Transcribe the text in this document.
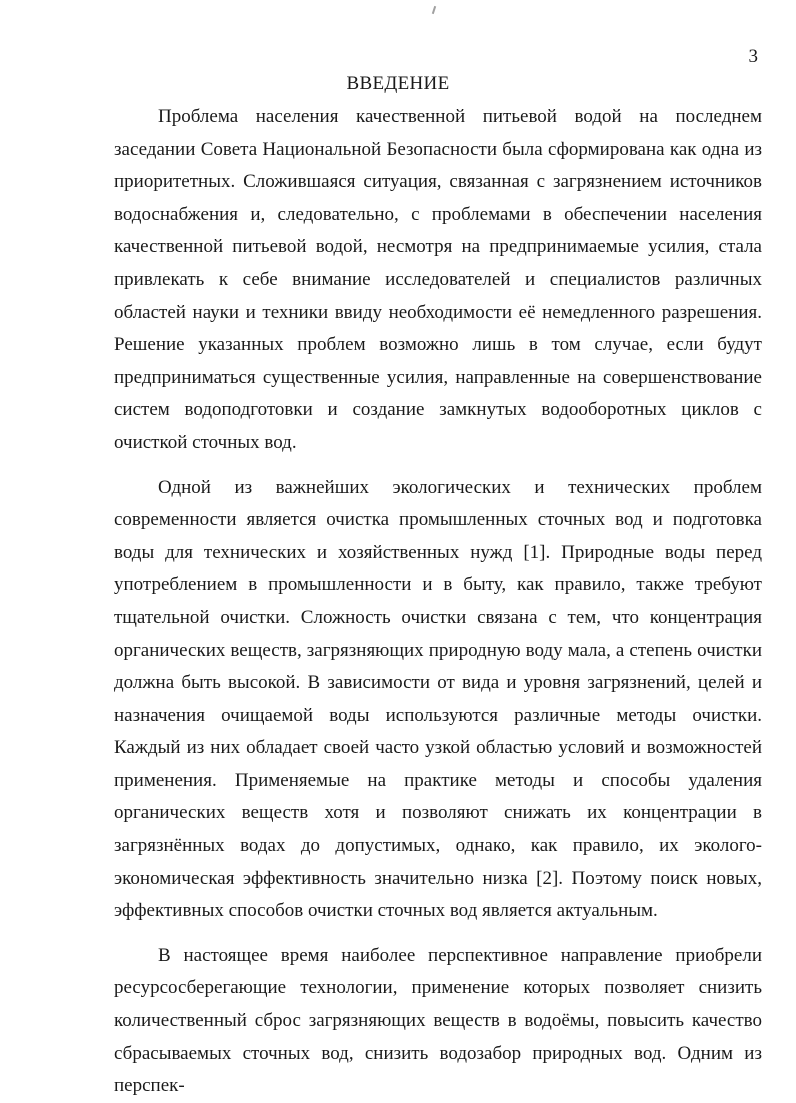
3
ВВЕДЕНИЕ

Проблема населения качественной питьевой водой на последнем заседании Совета Национальной Безопасности была сформирована как одна из приоритетных. Сложившаяся ситуация, связанная с загрязнением источников водоснабжения и, следовательно, с проблемами в обеспечении населения качественной питьевой водой, несмотря на предпринимаемые усилия, стала привлекать к себе внимание исследователей и специалистов различных областей науки и техники ввиду необходимости её немедленного разрешения. Решение указанных проблем возможно лишь в том случае, если будут предприниматься существенные усилия, направленные на совершенствование систем водоподготовки и создание замкнутых водооборотных циклов с очисткой сточных вод.

Одной из важнейших экологических и технических проблем современности является очистка промышленных сточных вод и подготовка воды для технических и хозяйственных нужд [1]. Природные воды перед употреблением в промышленности и в быту, как правило, также требуют тщательной очистки. Сложность очистки связана с тем, что концентрация органических веществ, загрязняющих природную воду мала, а степень очистки должна быть высокой. В зависимости от вида и уровня загрязнений, целей и назначения очищаемой воды используются различные методы очистки. Каждый из них обладает своей часто узкой областью условий и возможностей применения. Применяемые на практике методы и способы удаления органических веществ хотя и позволяют снижать их концентрации в загрязнённых водах до допустимых, однако, как правило, их эколого-экономическая эффективность значительно низка [2]. Поэтому поиск новых, эффективных способов очистки сточных вод является актуальным.

В настоящее время наиболее перспективное направление приобрели ресурсосберегающие технологии, применение которых позволяет снизить количественный сброс загрязняющих веществ в водоёмы, повысить качество сбрасываемых сточных вод, снизить водозабор природных вод. Одним из перспек-
